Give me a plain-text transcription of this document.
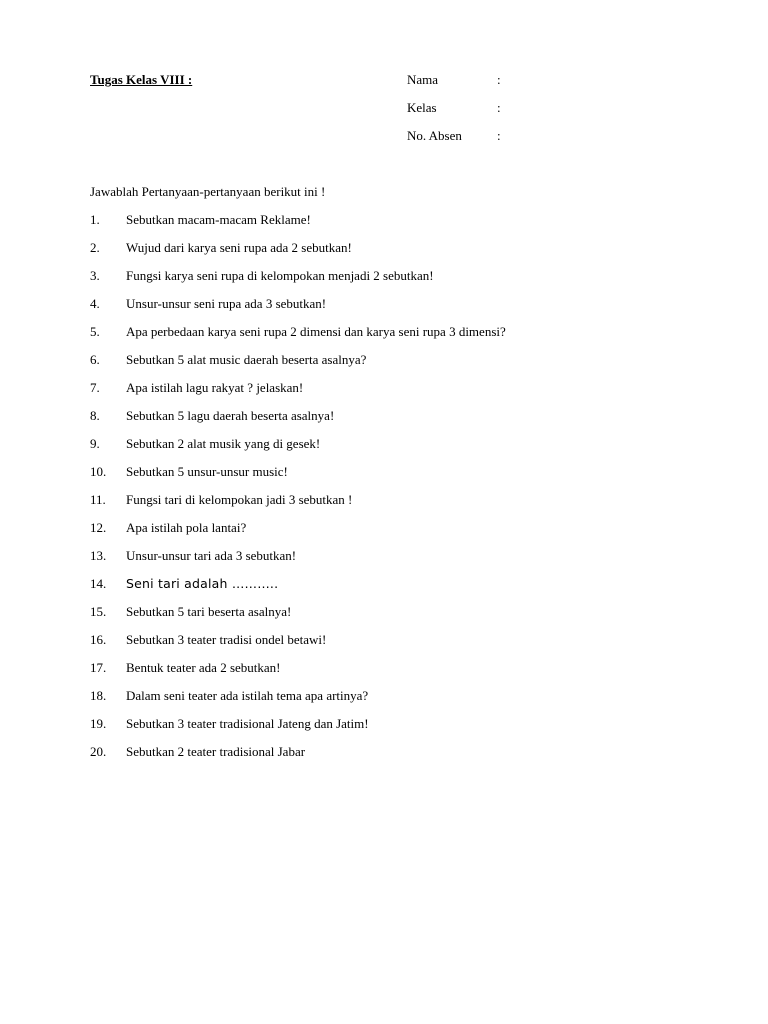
Tugas Kelas VIII :	Nama	:
Kelas	:
No. Absen	:
Jawablah Pertanyaan-pertanyaan berikut ini !
1. Sebutkan macam-macam Reklame!
2. Wujud dari karya seni rupa ada 2 sebutkan!
3. Fungsi karya seni rupa di kelompokan menjadi 2 sebutkan!
4. Unsur-unsur seni rupa ada 3 sebutkan!
5. Apa perbedaan karya seni rupa 2 dimensi dan karya seni rupa 3 dimensi?
6. Sebutkan 5 alat music daerah beserta asalnya?
7. Apa istilah lagu rakyat ? jelaskan!
8. Sebutkan 5 lagu daerah beserta asalnya!
9. Sebutkan 2 alat musik yang di gesek!
10. Sebutkan 5 unsur-unsur music!
11. Fungsi tari di kelompokan jadi 3 sebutkan !
12. Apa istilah pola lantai?
13. Unsur-unsur tari ada 3 sebutkan!
14. Seni tari adalah ………..
15. Sebutkan 5 tari beserta asalnya!
16. Sebutkan 3 teater tradisi ondel betawi!
17. Bentuk teater ada 2 sebutkan!
18. Dalam seni teater ada istilah tema apa artinya?
19. Sebutkan 3 teater tradisional Jateng dan Jatim!
20. Sebutkan 2 teater tradisional Jabar
